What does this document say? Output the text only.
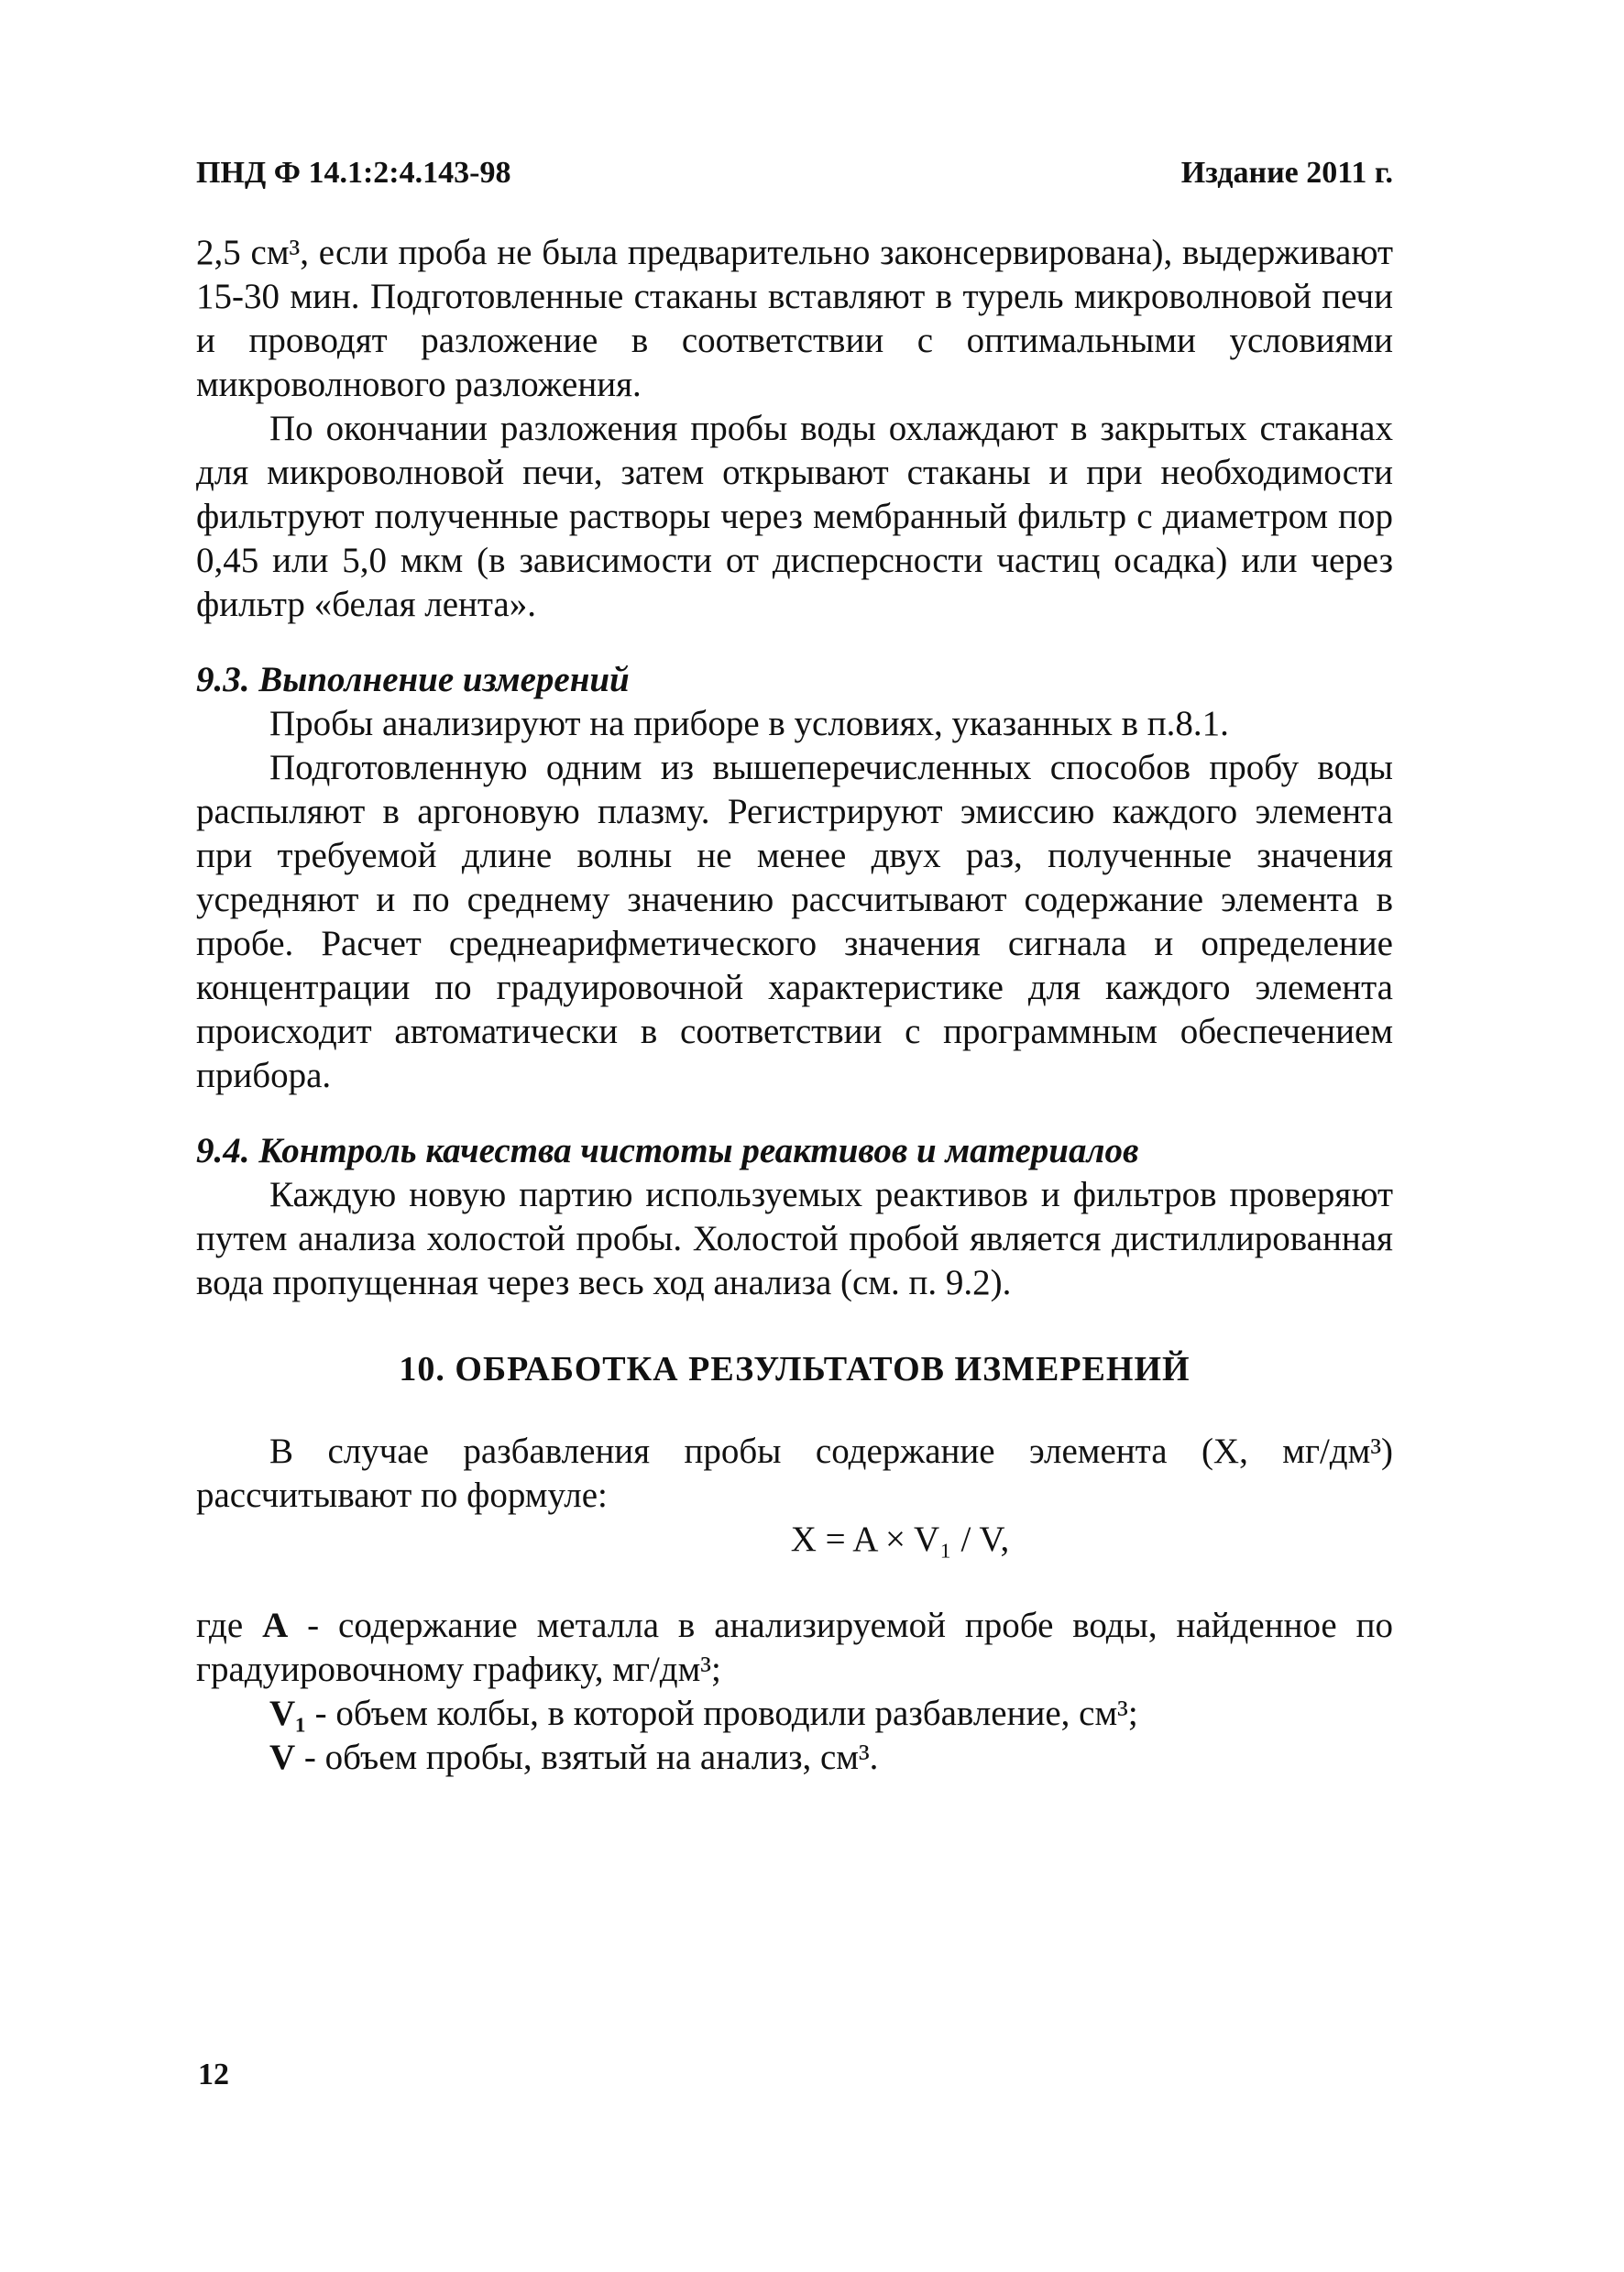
ПНД Ф 14.1:2:4.143-98	Издание 2011 г.

2,5 см³, если проба не была предварительно законсервирована), выдерживают 15-30 мин. Подготовленные стаканы вставляют в турель микроволновой печи и проводят разложение в соответствии с оптимальными условиями микроволнового разложения.

По окончании разложения пробы воды охлаждают в закрытых стаканах для микроволновой печи, затем открывают стаканы и при необходимости фильтруют полученные растворы через мембранный фильтр с диаметром пор 0,45 или 5,0 мкм (в зависимости от дисперсности частиц осадка) или через фильтр «белая лента».

9.3. Выполнение измерений

Пробы анализируют на приборе в условиях, указанных в п.8.1.

Подготовленную одним из вышеперечисленных способов пробу воды распыляют в аргоновую плазму. Регистрируют эмиссию каждого элемента при требуемой длине волны не менее двух раз, полученные значения усредняют и по среднему значению рассчитывают содержание элемента в пробе. Расчет среднеарифметического значения сигнала и определение концентрации по градуировочной характеристике для каждого элемента происходит автоматически в соответствии с программным обеспечением прибора.

9.4. Контроль качества чистоты реактивов и материалов

Каждую новую партию используемых реактивов и фильтров проверяют путем анализа холостой пробы. Холостой пробой является дистиллированная вода пропущенная через весь ход анализа (см. п. 9.2).

10. ОБРАБОТКА РЕЗУЛЬТАТОВ ИЗМЕРЕНИЙ

В случае разбавления пробы содержание элемента (Х, мг/дм³) рассчитывают по формуле:

X = A × V₁ / V,

где А - содержание металла в анализируемой пробе воды, найденное по градуировочному графику, мг/дм³;

V₁ - объем колбы, в которой проводили разбавление, см³;

V - объем пробы, взятый на анализ, см³.

12
